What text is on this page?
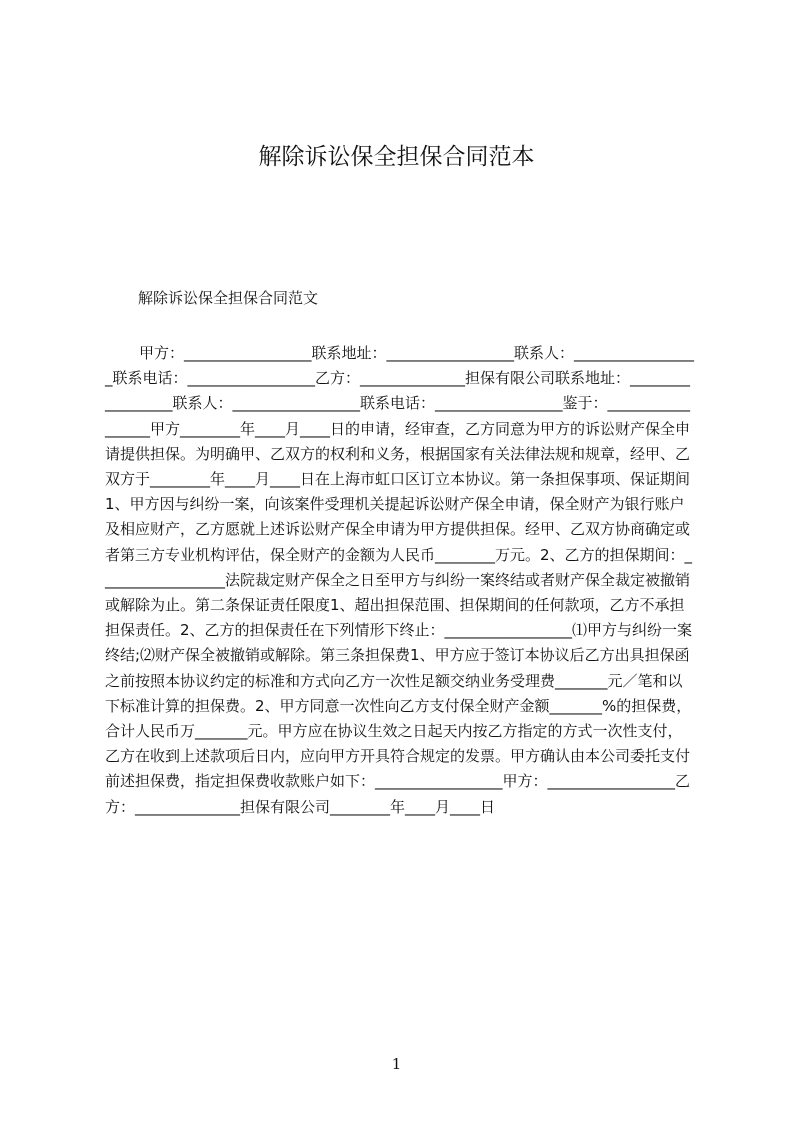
解除诉讼保全担保合同范本

解除诉讼保全担保合同范文

甲方：_________________联系地址：_________________联系人：_________________联系电话：_________________乙方：______________担保有限公司联系地址：_________________联系人：_________________联系电话：_________________鉴于：_________________甲方________年____月____日的申请，经审查，乙方同意为甲方的诉讼财产保全申请提供担保。为明确甲、乙双方的权利和义务，根据国家有关法律法规和规章，经甲、乙双方于________年____月____日在上海市虹口区订立本协议。第一条担保事项、保证期间1、甲方因与纠纷一案，向该案件受理机关提起诉讼财产保全申请，保全财产为银行账户及相应财产，乙方愿就上述诉讼财产保全申请为甲方提供担保。经甲、乙双方协商确定或者第三方专业机构评估，保全财产的金额为人民币________万元。2、乙方的担保期间：_________________法院裁定财产保全之日至甲方与纠纷一案终结或者财产保全裁定被撤销或解除为止。第二条保证责任限度1、超出担保范围、担保期间的任何款项，乙方不承担担保责任。2、乙方的担保责任在下列情形下终止：_________________⑴甲方与纠纷一案终结;⑵财产保全被撤销或解除。第三条担保费1、甲方应于签订本协议后乙方出具担保函之前按照本协议约定的标准和方式向乙方一次性足额交纳业务受理费_______元／笔和以下标准计算的担保费。2、甲方同意一次性向乙方支付保全财产金额_______%的担保费，合计人民币万_______元。甲方应在协议生效之日起天内按乙方指定的方式一次性支付，乙方在收到上述款项后日内，应向甲方开具符合规定的发票。甲方确认由本公司委托支付前述担保费，指定担保费收款账户如下：_________________甲方：_________________乙方：______________担保有限公司________年____月____日

1
